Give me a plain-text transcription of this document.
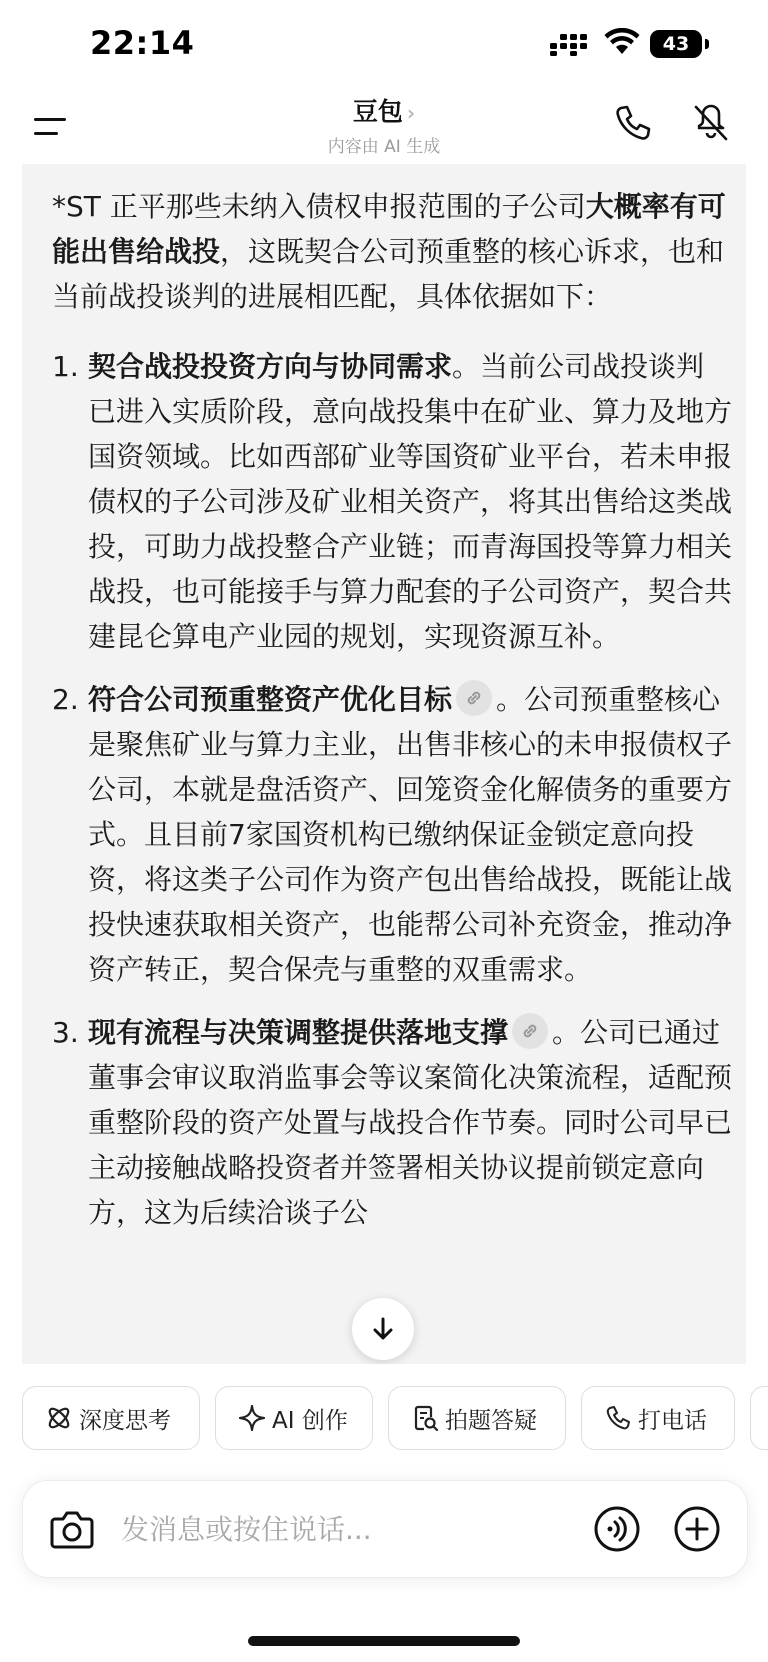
22:14	43
豆包 ›
内容由 AI 生成

*ST 正平那些未纳入债权申报范围的子公司大概率有可能出售给战投，这既契合公司预重整的核心诉求，也和当前战投谈判的进展相匹配，具体依据如下：

1. 契合战投投资方向与协同需求。当前公司战投谈判已进入实质阶段，意向战投集中在矿业、算力及地方国资领域。比如西部矿业等国资矿业平台，若未申报债权的子公司涉及矿业相关资产，将其出售给这类战投，可助力战投整合产业链；而青海国投等算力相关战投，也可能接手与算力配套的子公司资产，契合共建昆仑算电产业园的规划，实现资源互补。
2. 符合公司预重整资产优化目标 。公司预重整核心是聚焦矿业与算力主业，出售非核心的未申报债权子公司，本就是盘活资产、回笼资金化解债务的重要方式。且目前7家国资机构已缴纳保证金锁定意向投资，将这类子公司作为资产包出售给战投，既能让战投快速获取相关资产，也能帮公司补充资金，推动净资产转正，契合保壳与重整的双重需求。
3. 现有流程与决策调整提供落地支撑 。公司已通过董事会审议取消监事会等议案简化决策流程，适配预重整阶段的资产处置与战投合作节奏。同时公司早已主动接触战略投资者并签署相关协议提前锁定意向方，这为后续洽谈子公
深度思考	AI 创作	拍题答疑	打电话
发消息或按住说话...
